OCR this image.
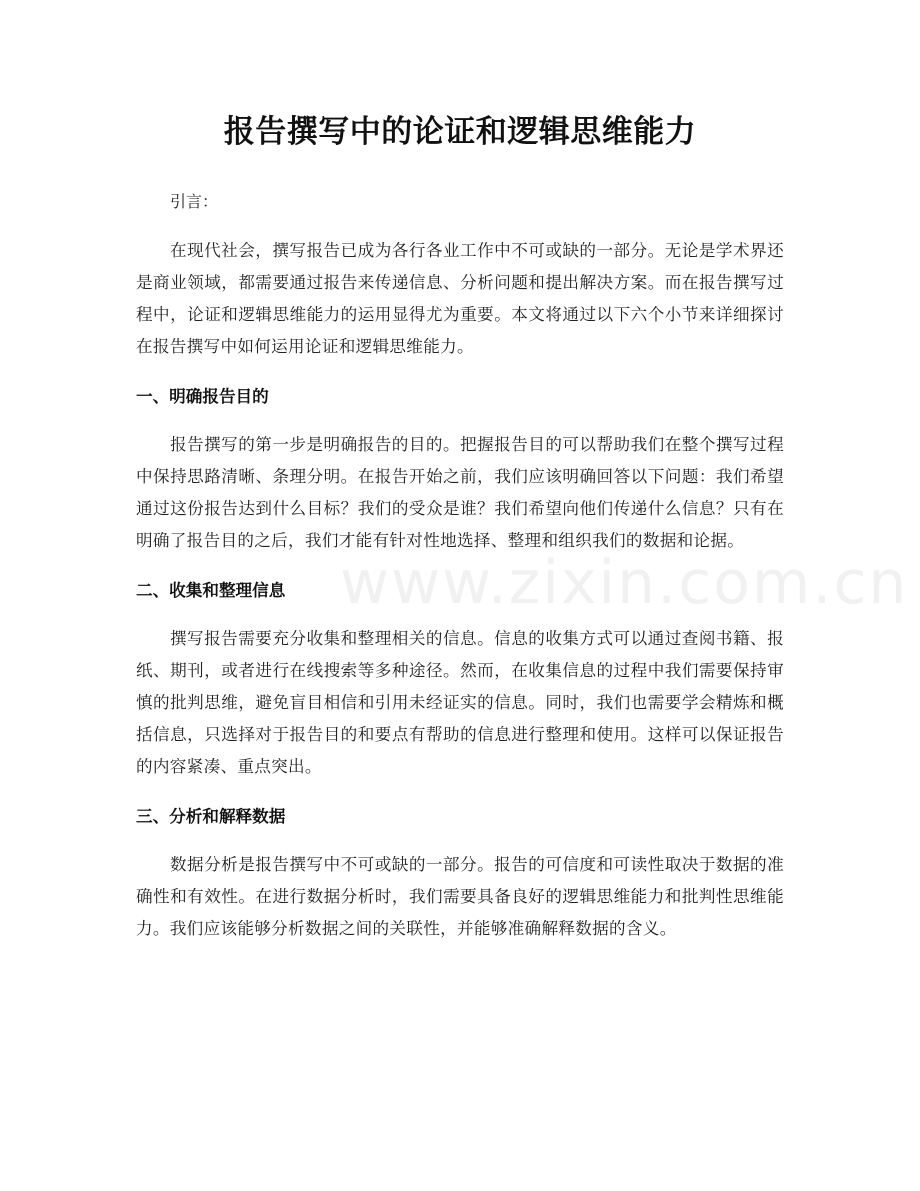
报告撰写中的论证和逻辑思维能力

引言：

在现代社会，撰写报告已成为各行各业工作中不可或缺的一部分。无论是学术界还是商业领域，都需要通过报告来传递信息、分析问题和提出解决方案。而在报告撰写过程中，论证和逻辑思维能力的运用显得尤为重要。本文将通过以下六个小节来详细探讨在报告撰写中如何运用论证和逻辑思维能力。

一、明确报告目的

报告撰写的第一步是明确报告的目的。把握报告目的可以帮助我们在整个撰写过程中保持思路清晰、条理分明。在报告开始之前，我们应该明确回答以下问题：我们希望通过这份报告达到什么目标？我们的受众是谁？我们希望向他们传递什么信息？只有在明确了报告目的之后，我们才能有针对性地选择、整理和组织我们的数据和论据。

二、收集和整理信息

撰写报告需要充分收集和整理相关的信息。信息的收集方式可以通过查阅书籍、报纸、期刊，或者进行在线搜索等多种途径。然而，在收集信息的过程中我们需要保持审慎的批判思维，避免盲目相信和引用未经证实的信息。同时，我们也需要学会精炼和概括信息，只选择对于报告目的和要点有帮助的信息进行整理和使用。这样可以保证报告的内容紧凑、重点突出。

三、分析和解释数据

数据分析是报告撰写中不可或缺的一部分。报告的可信度和可读性取决于数据的准确性和有效性。在进行数据分析时，我们需要具备良好的逻辑思维能力和批判性思维能力。我们应该能够分析数据之间的关联性，并能够准确解释数据的含义。

www.zixin.com.cn
